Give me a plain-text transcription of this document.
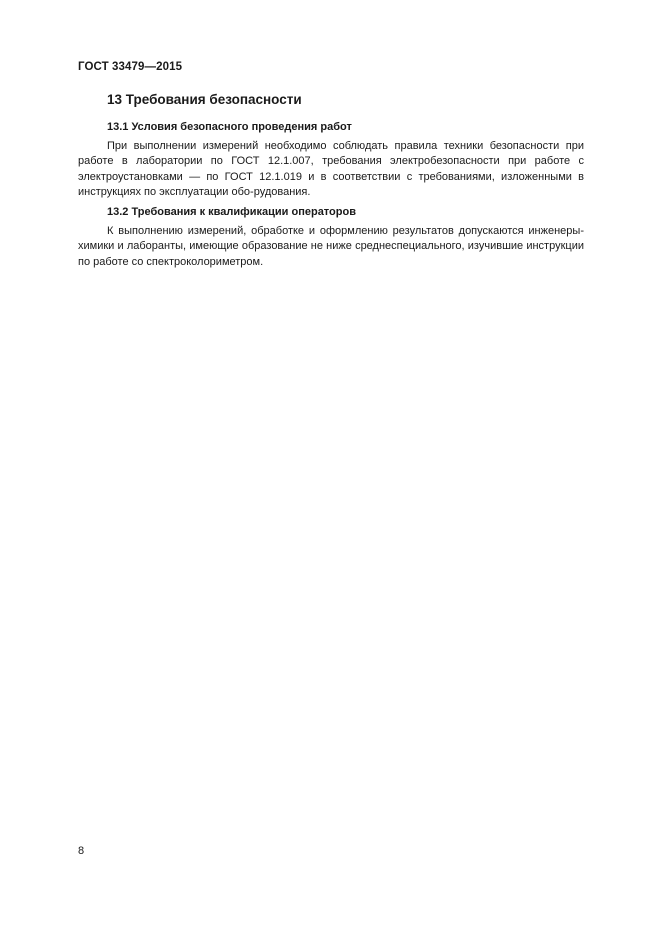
ГОСТ 33479—2015
13 Требования безопасности
13.1 Условия безопасного проведения работ
При выполнении измерений необходимо соблюдать правила техники безопасности при работе в лаборатории по ГОСТ 12.1.007, требования электробезопасности при работе с электроустановками — по ГОСТ 12.1.019 и в соответствии с требованиями, изложенными в инструкциях по эксплуатации обо-рудования.
13.2 Требования к квалификации операторов
К выполнению измерений, обработке и оформлению результатов допускаются инженеры-химики и лаборанты, имеющие образование не ниже среднеспециального, изучившие инструкции по работе со спектроколориметром.
8
